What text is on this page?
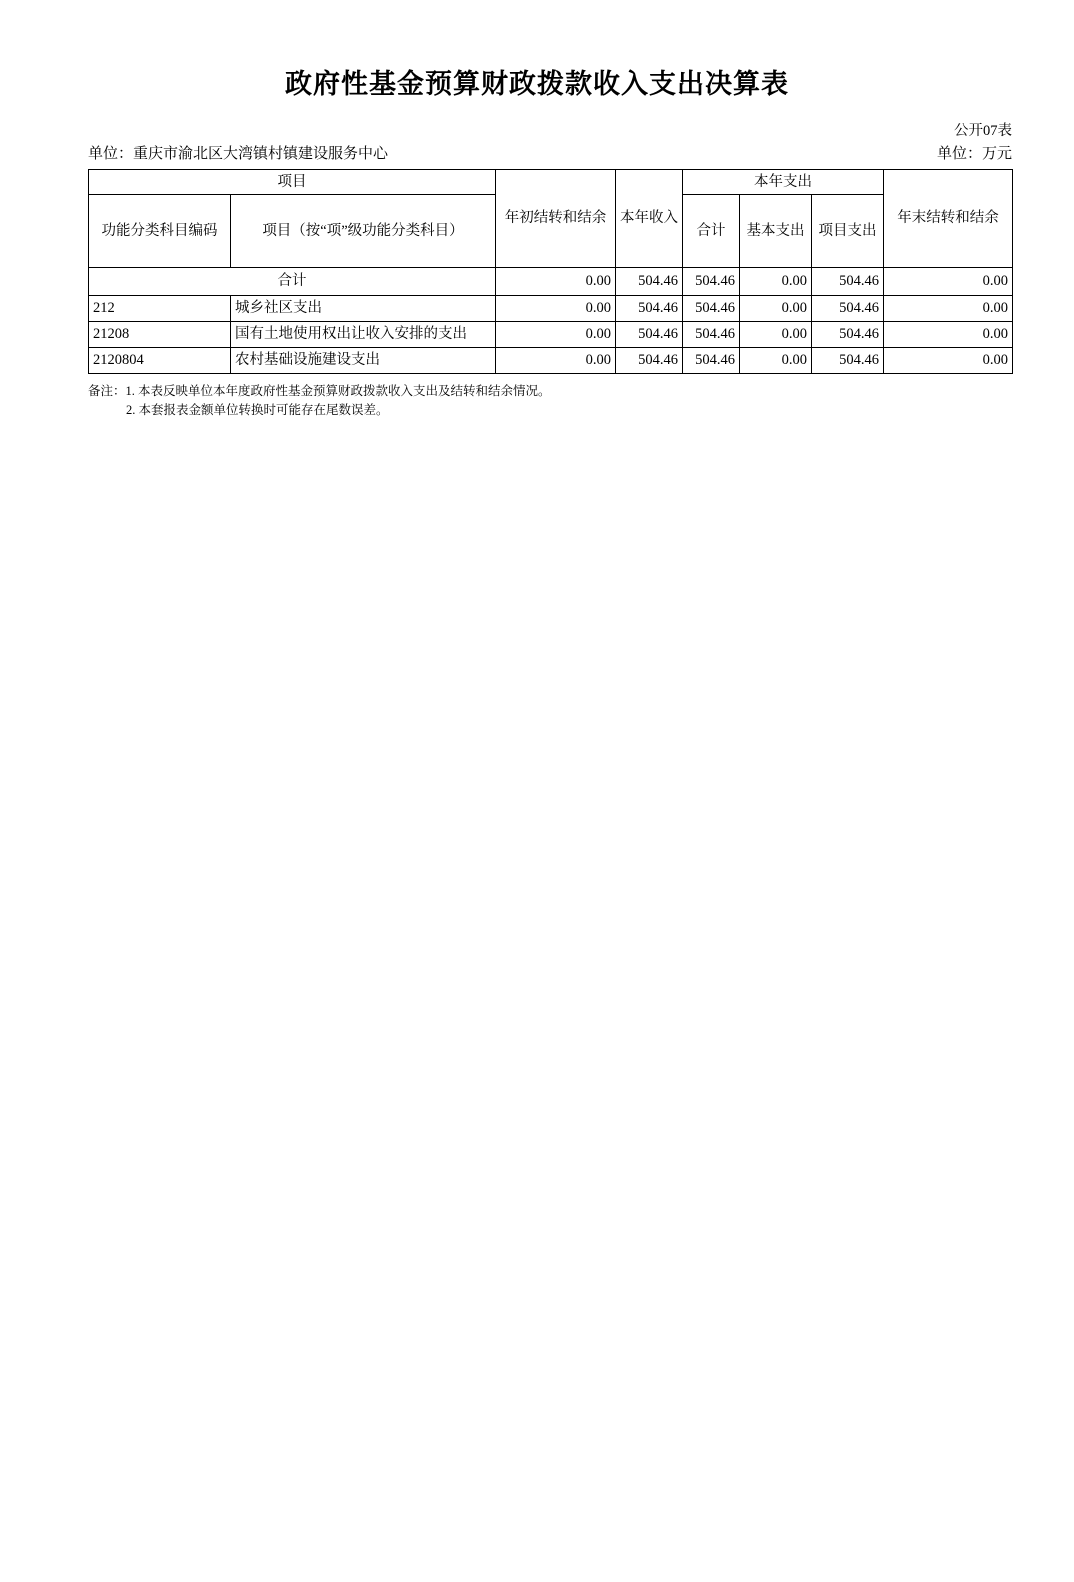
政府性基金预算财政拨款收入支出决算表
公开07表
单位：重庆市渝北区大湾镇村镇建设服务中心	单位：万元
项目		年初结转和结余	本年收入	本年支出			年末结转和结余
功能分类科目编码	项目（按“项”级功能分类科目）			合计	基本支出	项目支出	
合计		0.00	504.46	504.46	0.00	504.46	0.00
212	城乡社区支出	0.00	504.46	504.46	0.00	504.46	0.00
21208	国有土地使用权出让收入安排的支出	0.00	504.46	504.46	0.00	504.46	0.00
2120804	农村基础设施建设支出	0.00	504.46	504.46	0.00	504.46	0.00
备注：1. 本表反映单位本年度政府性基金预算财政拨款收入支出及结转和结余情况。
2. 本套报表金额单位转换时可能存在尾数误差。
